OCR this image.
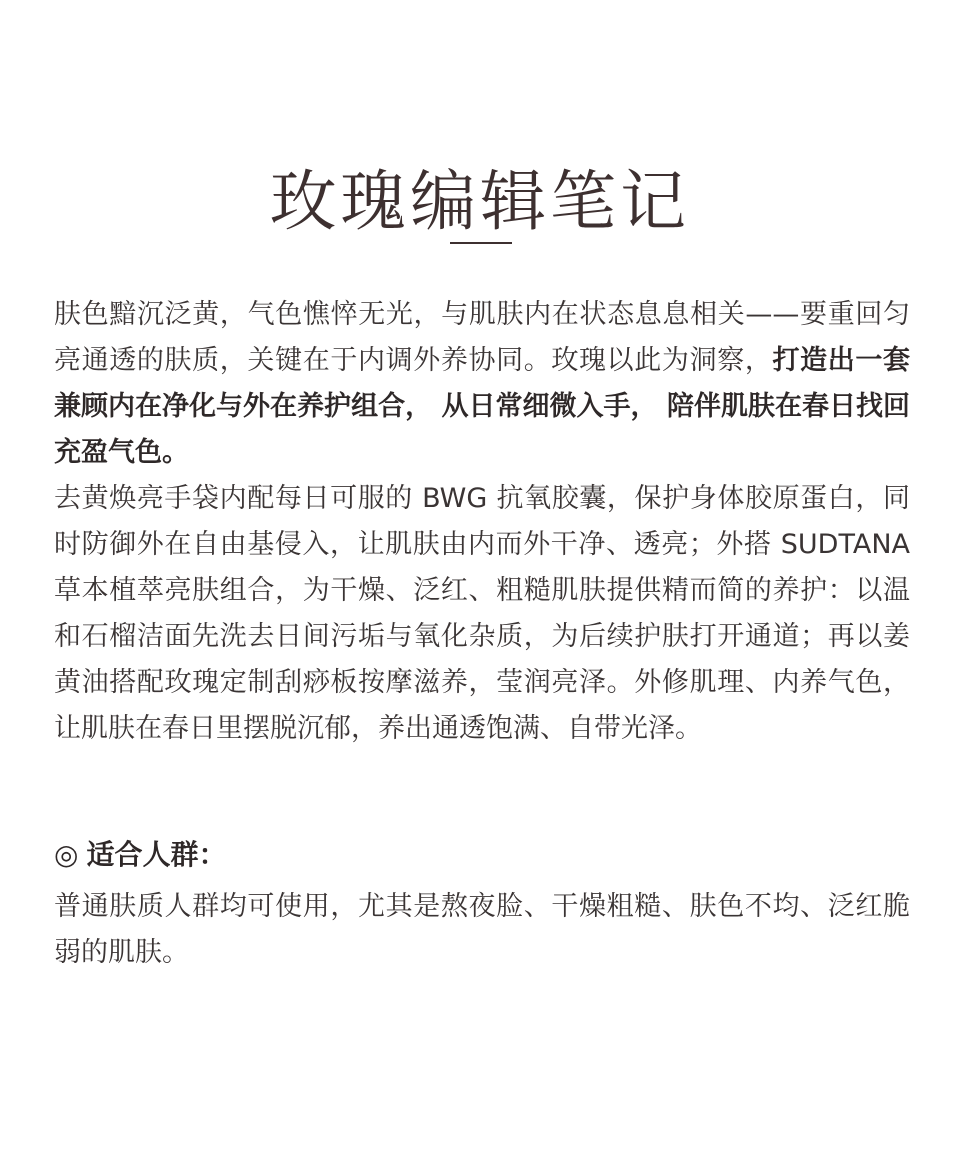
玫瑰编辑笔记

肤色黯沉泛黄，气色憔悴无光，与肌肤内在状态息息相关——要重回匀亮通透的肤质，关键在于内调外养协同。玫瑰以此为洞察，打造出一套兼顾内在净化与外在养护组合， 从日常细微入手， 陪伴肌肤在春日找回充盈气色。

去黄焕亮手袋内配每日可服的 BWG 抗氧胶囊，保护身体胶原蛋白，同时防御外在自由基侵入，让肌肤由内而外干净、透亮；外搭 SUDTANA 草本植萃亮肤组合，为干燥、泛红、粗糙肌肤提供精而简的养护：以温和石榴洁面先洗去日间污垢与氧化杂质，为后续护肤打开通道；再以姜黄油搭配玫瑰定制刮痧板按摩滋养，莹润亮泽。外修肌理、内养气色，让肌肤在春日里摆脱沉郁，养出通透饱满、自带光泽。

◎ 适合人群：

普通肤质人群均可使用，尤其是熬夜脸、干燥粗糙、肤色不均、泛红脆弱的肌肤。
